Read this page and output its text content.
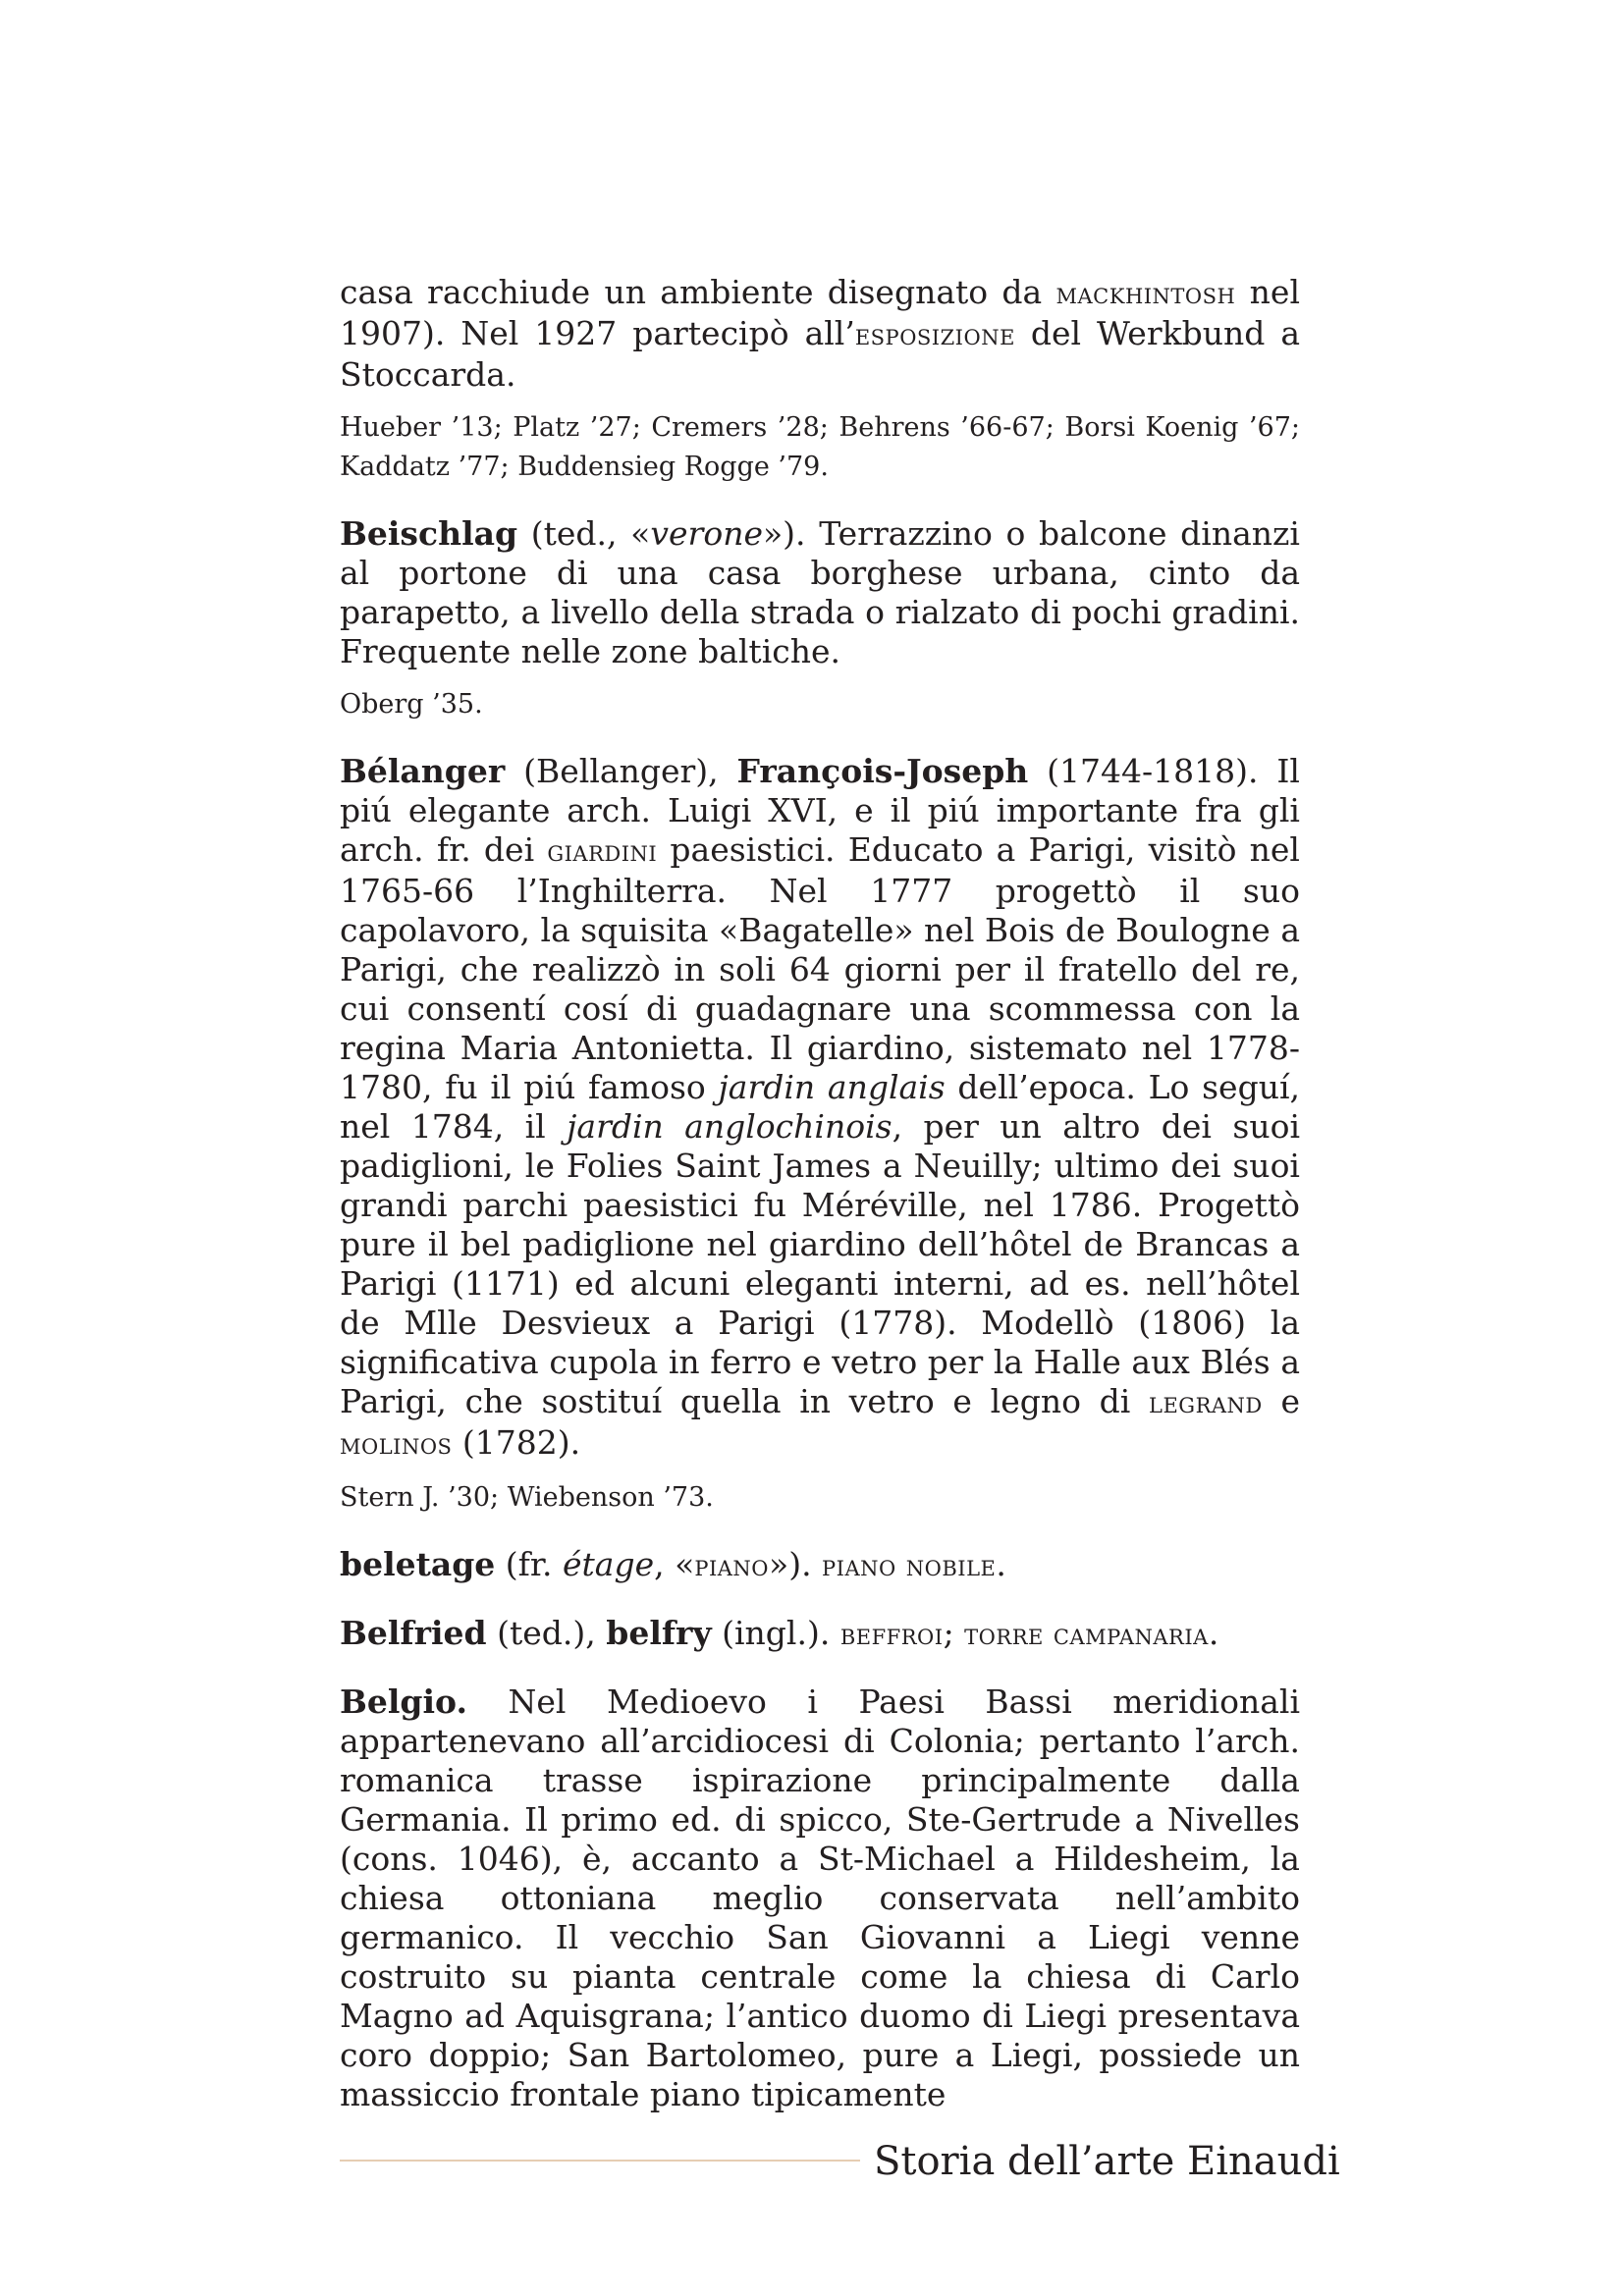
casa racchiude un ambiente disegnato da mackhintosh nel 1907). Nel 1927 partecipò all’esposizione del Werkbund a Stoccarda.

Hueber ’13; Platz ’27; Cremers ’28; Behrens ’66-67; Borsi Koenig ’67; Kaddatz ’77; Buddensieg Rogge ’79.

Beischlag (ted., «verone»). Terrazzino o balcone dinanzi al portone di una casa borghese urbana, cinto da parapetto, a livello della strada o rialzato di pochi gradini. Frequente nelle zone baltiche.

Oberg ’35.

Bélanger (Bellanger), François-Joseph (1744-1818). Il piú elegante arch. Luigi XVI, e il piú importante fra gli arch. fr. dei giardini paesistici. Educato a Parigi, visitò nel 1765-66 l’Inghilterra. Nel 1777 progettò il suo capolavoro, la squisita «Bagatelle» nel Bois de Boulogne a Parigi, che realizzò in soli 64 giorni per il fratello del re, cui consentí cosí di guadagnare una scommessa con la regina Maria Antonietta. Il giardino, sistemato nel 1778-1780, fu il piú famoso jardin anglais dell’epoca. Lo seguí, nel 1784, il jardin anglochinois, per un altro dei suoi padiglioni, le Folies Saint James a Neuilly; ultimo dei suoi grandi parchi paesistici fu Méréville, nel 1786. Progettò pure il bel padiglione nel giardino dell’hôtel de Brancas a Parigi (1171) ed alcuni eleganti interni, ad es. nell’hôtel de Mlle Desvieux a Parigi (1778). Modellò (1806) la significativa cupola in ferro e vetro per la Halle aux Blés a Parigi, che sostituí quella in vetro e legno di legrand e molinos (1782).

Stern J. ’30; Wiebenson ’73.

beletage (fr. étage, «piano»). piano nobile.

Belfried (ted.), belfry (ingl.). beffroi; torre campanaria.

Belgio. Nel Medioevo i Paesi Bassi meridionali appartenevano all’arcidiocesi di Colonia; pertanto l’arch. romanica trasse ispirazione principalmente dalla Germania. Il primo ed. di spicco, Ste-Gertrude a Nivelles (cons. 1046), è, accanto a St-Michael a Hildesheim, la chiesa ottoniana meglio conservata nell’ambito germanico. Il vecchio San Giovanni a Liegi venne costruito su pianta centrale come la chiesa di Carlo Magno ad Aquisgrana; l’antico duomo di Liegi presentava coro doppio; San Bartolomeo, pure a Liegi, possiede un massiccio frontale piano tipicamente

Storia dell’arte Einaudi
